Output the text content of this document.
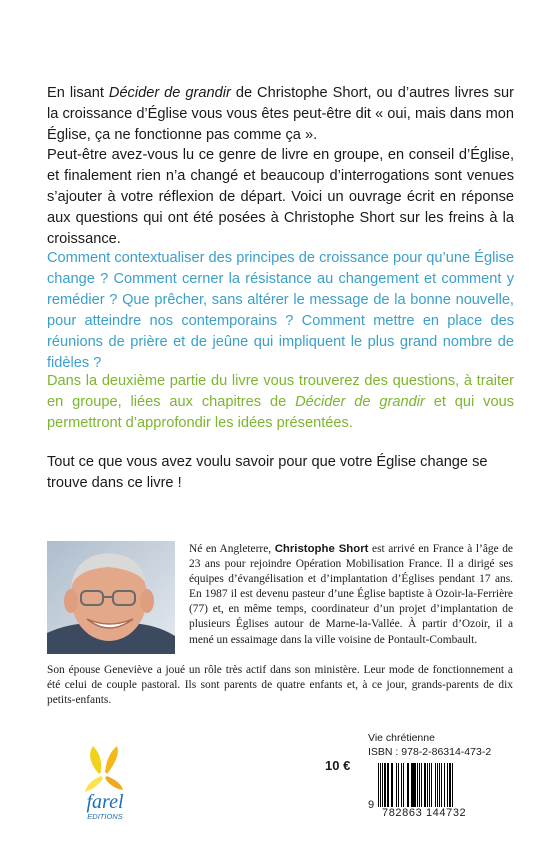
En lisant Décider de grandir de Christophe Short, ou d’autres livres sur la croissance d’Église vous vous êtes peut-être dit « oui, mais dans mon Église, ça ne fonctionne pas comme ça ».

Peut-être avez-vous lu ce genre de livre en groupe, en conseil d’Église, et finalement rien n’a changé et beaucoup d’interrogations sont venues s’ajouter à votre réflexion de départ. Voici un ouvrage écrit en réponse aux questions qui ont été posées à Christophe Short sur les freins à la croissance.

Comment contextualiser des principes de croissance pour qu’une Église change ? Comment cerner la résistance au changement et comment y remédier ? Que prêcher, sans altérer le message de la bonne nouvelle, pour atteindre nos contemporains ? Comment mettre en place des réunions de prière et de jeûne qui impliquent le plus grand nombre de fidèles ?

Dans la deuxième partie du livre vous trouverez des questions, à traiter en groupe, liées aux chapitres de Décider de grandir et qui vous permettront d’approfondir les idées présentées.

Tout ce que vous avez voulu savoir pour que votre Église change se trouve dans ce livre !

Né en Angleterre, Christophe Short est arrivé en France à l’âge de 23 ans pour rejoindre Opération Mobilisation France. Il a dirigé ses équipes d’évangélisation et d’implantation d’Églises pendant 17 ans. En 1987 il est devenu pasteur d’une Église baptiste à Ozoir-la-Ferrière (77) et, en même temps, coordinateur d’un projet d’implantation de plusieurs Églises autour de Marne-la-Vallée. À partir d’Ozoir, il a mené un essaimage dans la ville voisine de Pontault-Combault.

Son épouse Geneviève a joué un rôle très actif dans son ministère. Leur mode de fonctionnement a été celui de couple pastoral. Ils sont parents de quatre enfants et, à ce jour, grands-parents de dix petits-enfants.

farel
EDITIONS
10 €
Vie chrétienne
ISBN : 978-2-86314-473-2
9
782863 144732
